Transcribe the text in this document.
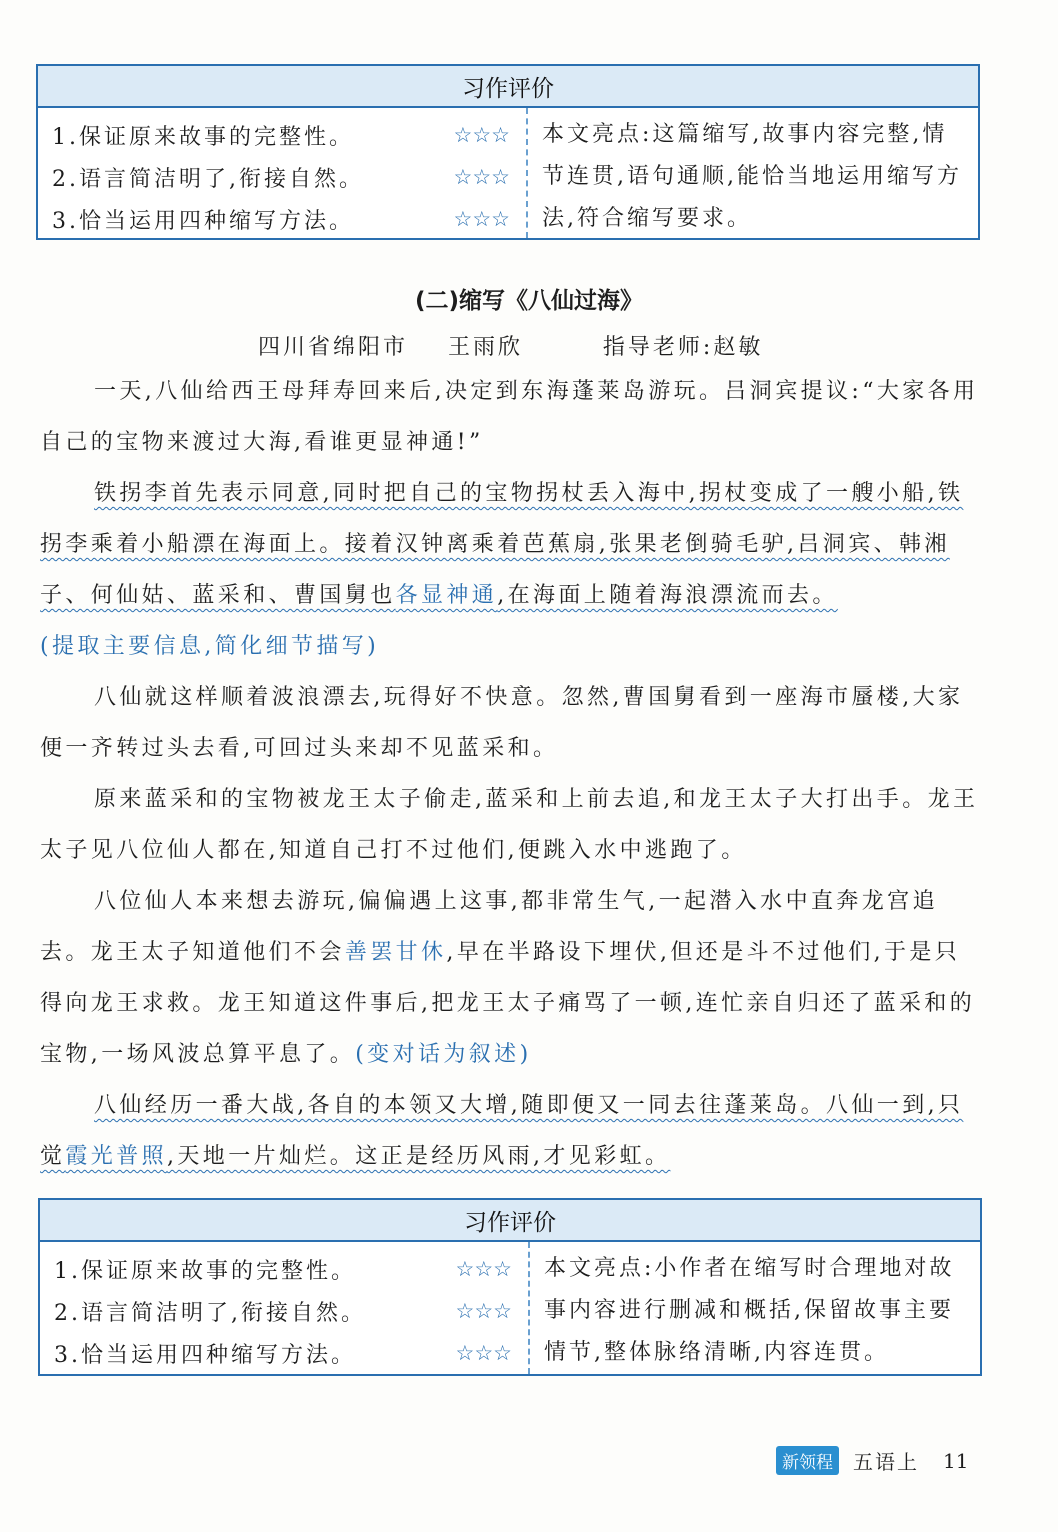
习作评价
1.保证原来故事的完整性。	☆☆☆
2.语言简洁明了,衔接自然。	☆☆☆
3.恰当运用四种缩写方法。	☆☆☆
本文亮点:这篇缩写,故事内容完整,情节连贯,语句通顺,能恰当地运用缩写方法,符合缩写要求。
(二)缩写《八仙过海》
四川省绵阳市    王雨欣        指导老师:赵敏
一天,八仙给西王母拜寿回来后,决定到东海蓬莱岛游玩。吕洞宾提议:“大家各用自己的宝物来渡过大海,看谁更显神通!”
铁拐李首先表示同意,同时把自己的宝物拐杖丢入海中,拐杖变成了一艘小船,铁拐李乘着小船漂在海面上。接着汉钟离乘着芭蕉扇,张果老倒骑毛驴,吕洞宾、韩湘子、何仙姑、蓝采和、曹国舅也各显神通,在海面上随着海浪漂流而去。
(提取主要信息,简化细节描写)
八仙就这样顺着波浪漂去,玩得好不快意。忽然,曹国舅看到一座海市蜃楼,大家便一齐转过头去看,可回过头来却不见蓝采和。
原来蓝采和的宝物被龙王太子偷走,蓝采和上前去追,和龙王太子大打出手。龙王太子见八位仙人都在,知道自己打不过他们,便跳入水中逃跑了。
八位仙人本来想去游玩,偏偏遇上这事,都非常生气,一起潜入水中直奔龙宫追去。龙王太子知道他们不会善罢甘休,早在半路设下埋伏,但还是斗不过他们,于是只得向龙王求救。龙王知道这件事后,把龙王太子痛骂了一顿,连忙亲自归还了蓝采和的宝物,一场风波总算平息了。(变对话为叙述)
八仙经历一番大战,各自的本领又大增,随即便又一同去往蓬莱岛。八仙一到,只觉霞光普照,天地一片灿烂。这正是经历风雨,才见彩虹。
习作评价
1.保证原来故事的完整性。	☆☆☆
2.语言简洁明了,衔接自然。	☆☆☆
3.恰当运用四种缩写方法。	☆☆☆
本文亮点:小作者在缩写时合理地对故事内容进行删减和概括,保留故事主要情节,整体脉络清晰,内容连贯。
新领程	五语上 11
